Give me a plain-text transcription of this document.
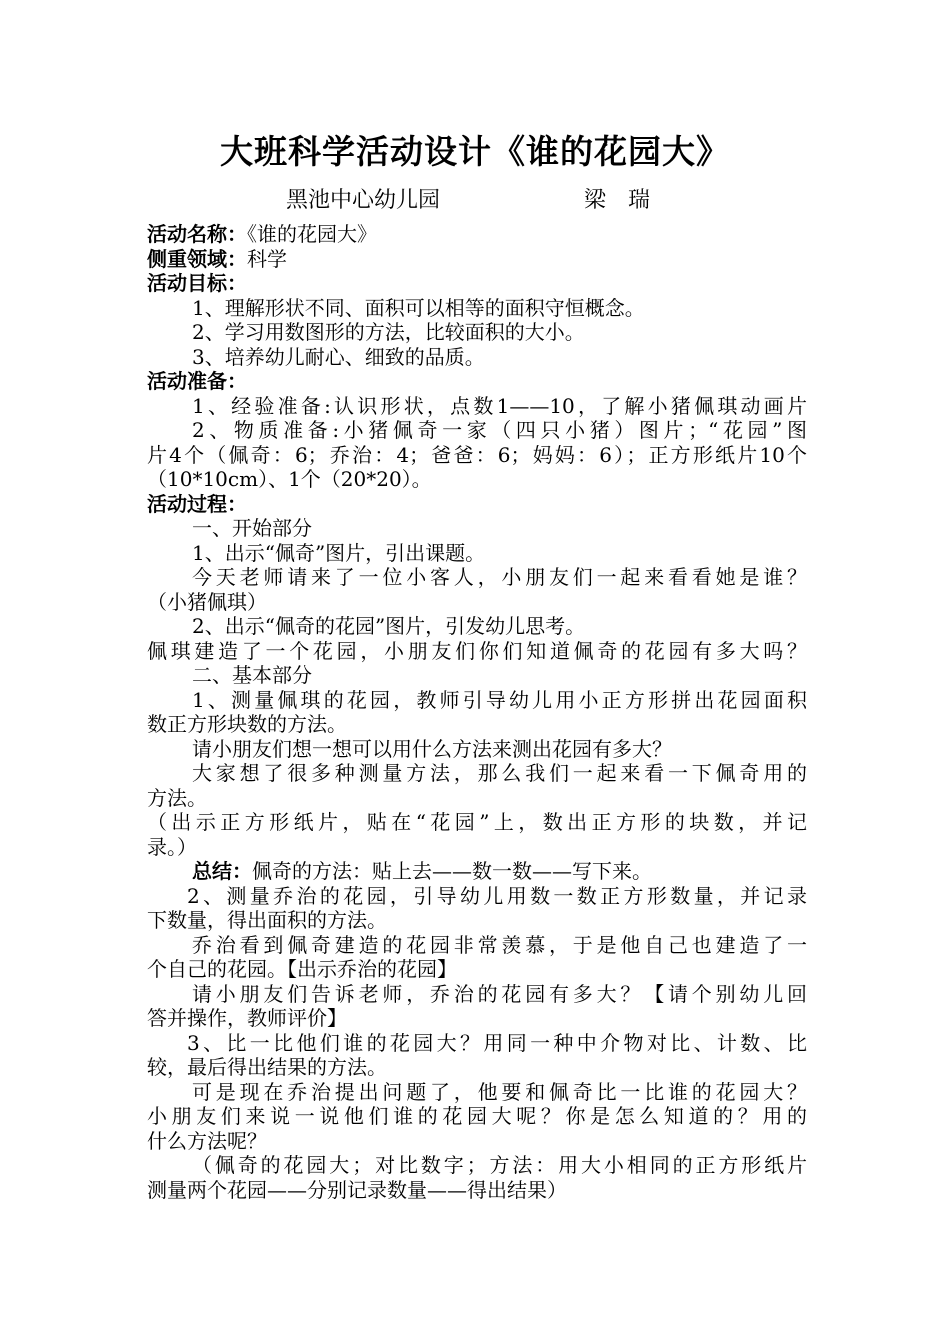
大班科学活动设计《谁的花园大》
黑池中心幼儿园	梁　瑞
活动名称：《谁的花园大》
侧重领域：科学
活动目标：
1、理解形状不同、面积可以相等的面积守恒概念。
2、学习用数图形的方法，比较面积的大小。
3、培养幼儿耐心、细致的品质。
活动准备：
1、经验准备:认识形状，点数1——10，了解小猪佩琪动画片
2、物质准备:小猪佩奇一家（四只小猪）图片；“花园”图
片4个（佩奇：6；乔治：4；爸爸：6；妈妈：6）；正方形纸片10个
（10*10cm）、1个（20*20）。
活动过程：
一、开始部分
1、出示“佩奇”图片，引出课题。
今天老师请来了一位小客人，小朋友们一起来看看她是谁？
（小猪佩琪）
2、出示“佩奇的花园”图片，引发幼儿思考。
佩琪建造了一个花园，小朋友们你们知道佩奇的花园有多大吗？
二、基本部分
1、测量佩琪的花园，教师引导幼儿用小正方形拼出花园面积
数正方形块数的方法。
请小朋友们想一想可以用什么方法来测出花园有多大？
大家想了很多种测量方法，那么我们一起来看一下佩奇用的
方法。
（出示正方形纸片，贴在“花园”上，数出正方形的块数，并记
录。）
总结：佩奇的方法：贴上去——数一数——写下来。
2、测量乔治的花园，引导幼儿用数一数正方形数量，并记录
下数量，得出面积的方法。
乔治看到佩奇建造的花园非常羡慕，于是他自己也建造了一
个自己的花园。【出示乔治的花园】
请小朋友们告诉老师，乔治的花园有多大？【请个别幼儿回
答并操作，教师评价】
3、比一比他们谁的花园大？用同一种中介物对比、计数、比
较，最后得出结果的方法。
可是现在乔治提出问题了，他要和佩奇比一比谁的花园大？
小朋友们来说一说他们谁的花园大呢？你是怎么知道的？用的
什么方法呢？
（佩奇的花园大；对比数字；方法：用大小相同的正方形纸片
测量两个花园——分别记录数量——得出结果）
